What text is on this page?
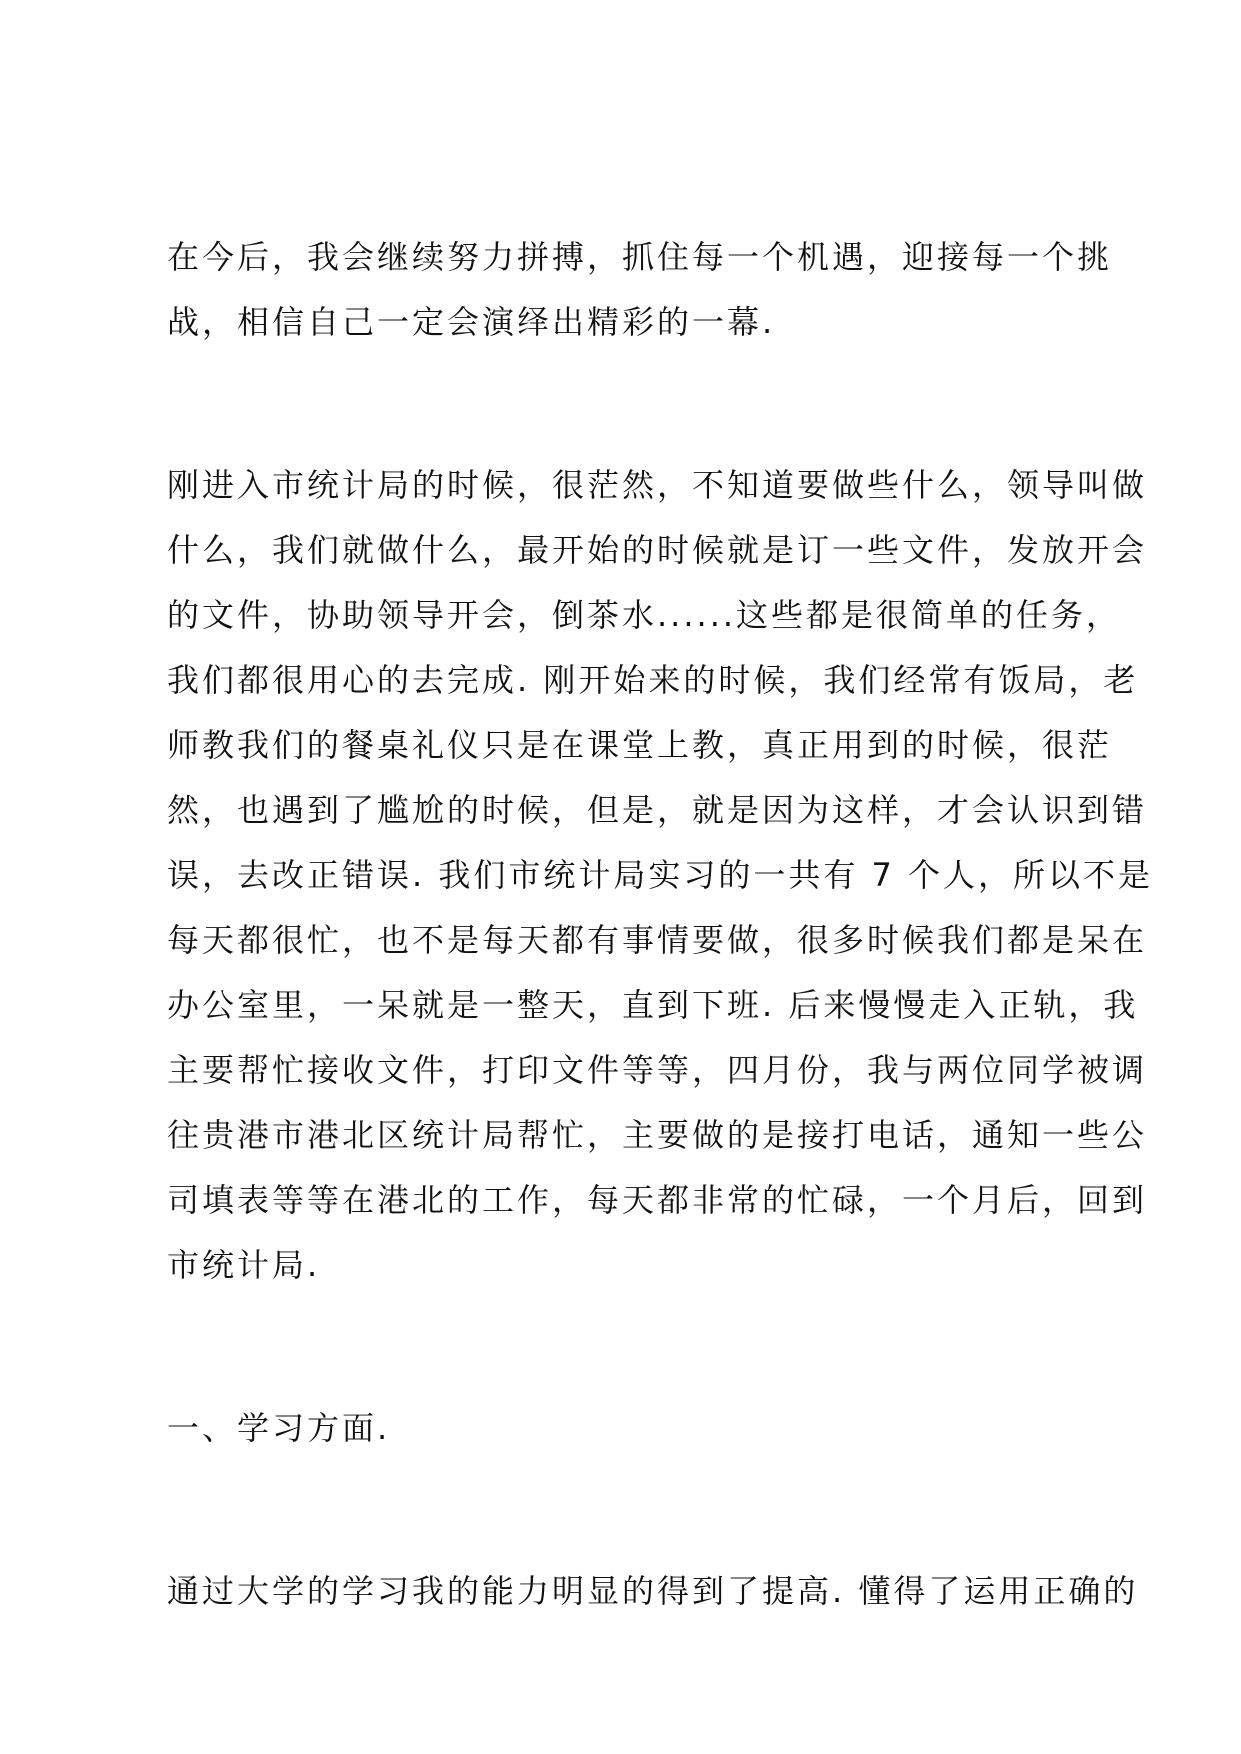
在今后，我会继续努力拼搏，抓住每一个机遇，迎接每一个挑
战，相信自己一定会演绎出精彩的一幕.
刚进入市统计局的时候，很茫然，不知道要做些什么，领导叫做
什么，我们就做什么，最开始的时候就是订一些文件，发放开会
的文件，协助领导开会，倒茶水......这些都是很简单的任务，
我们都很用心的去完成. 刚开始来的时候，我们经常有饭局，老
师教我们的餐桌礼仪只是在课堂上教，真正用到的时候，很茫
然，也遇到了尴尬的时候，但是，就是因为这样，才会认识到错
误，去改正错误. 我们市统计局实习的一共有 7 个人，所以不是
每天都很忙，也不是每天都有事情要做，很多时候我们都是呆在
办公室里，一呆就是一整天，直到下班. 后来慢慢走入正轨，我
主要帮忙接收文件，打印文件等等，四月份，我与两位同学被调
往贵港市港北区统计局帮忙，主要做的是接打电话，通知一些公
司填表等等在港北的工作，每天都非常的忙碌，一个月后，回到
市统计局.
一、学习方面.
通过大学的学习我的能力明显的得到了提高. 懂得了运用正确的
